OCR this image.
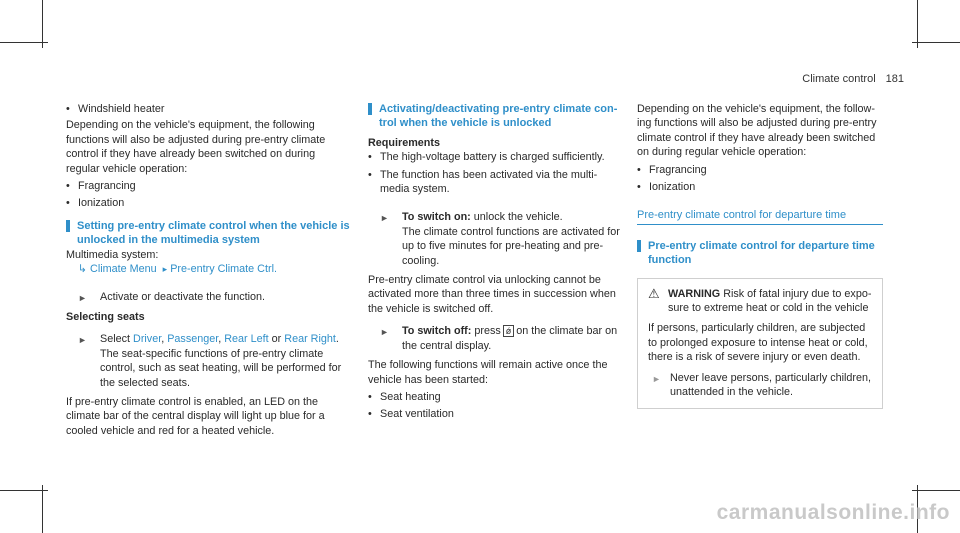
Climate control 181

• Windshield heater

Depending on the vehicle's equipment, the following functions will also be adjusted during pre-entry climate control if they have already been switched on during regular vehicle operation:

• Fragrancing

• Ionization

Setting pre-entry climate control when the vehicle is unlocked in the multimedia system

Multimedia system:

↳ Climate Menu ▸ Pre-entry Climate Ctrl.

► Activate or deactivate the function.

Selecting seats

► Select Driver, Passenger, Rear Left or Rear Right.

The seat-specific functions of pre-entry climate control, such as seat heating, will be performed for the selected seats.

If pre-entry climate control is enabled, an LED on the climate bar of the central display will light up blue for a cooled vehicle and red for a heated vehicle.

Activating/deactivating pre-entry climate control when the vehicle is unlocked

Requirements

• The high-voltage battery is charged sufficiently.

• The function has been activated via the multimedia system.

► To switch on: unlock the vehicle.

The climate control functions are activated for up to five minutes for pre-heating and pre-cooling.

Pre-entry climate control via unlocking cannot be activated more than three times in succession when the vehicle is switched off.

► To switch off: press ǿ on the climate bar on the central display.

The following functions will remain active once the vehicle has been started:

• Seat heating

• Seat ventilation

Depending on the vehicle's equipment, the following functions will also be adjusted during pre-entry climate control if they have already been switched on during regular vehicle operation:

• Fragrancing

• Ionization

Pre-entry climate control for departure time

Pre-entry climate control for departure time function

⚠ WARNING Risk of fatal injury due to exposure to extreme heat or cold in the vehicle

If persons, particularly children, are subjected to prolonged exposure to intense heat or cold, there is a risk of severe injury or even death.

► Never leave persons, particularly children, unattended in the vehicle.

carmanualsonline.info
